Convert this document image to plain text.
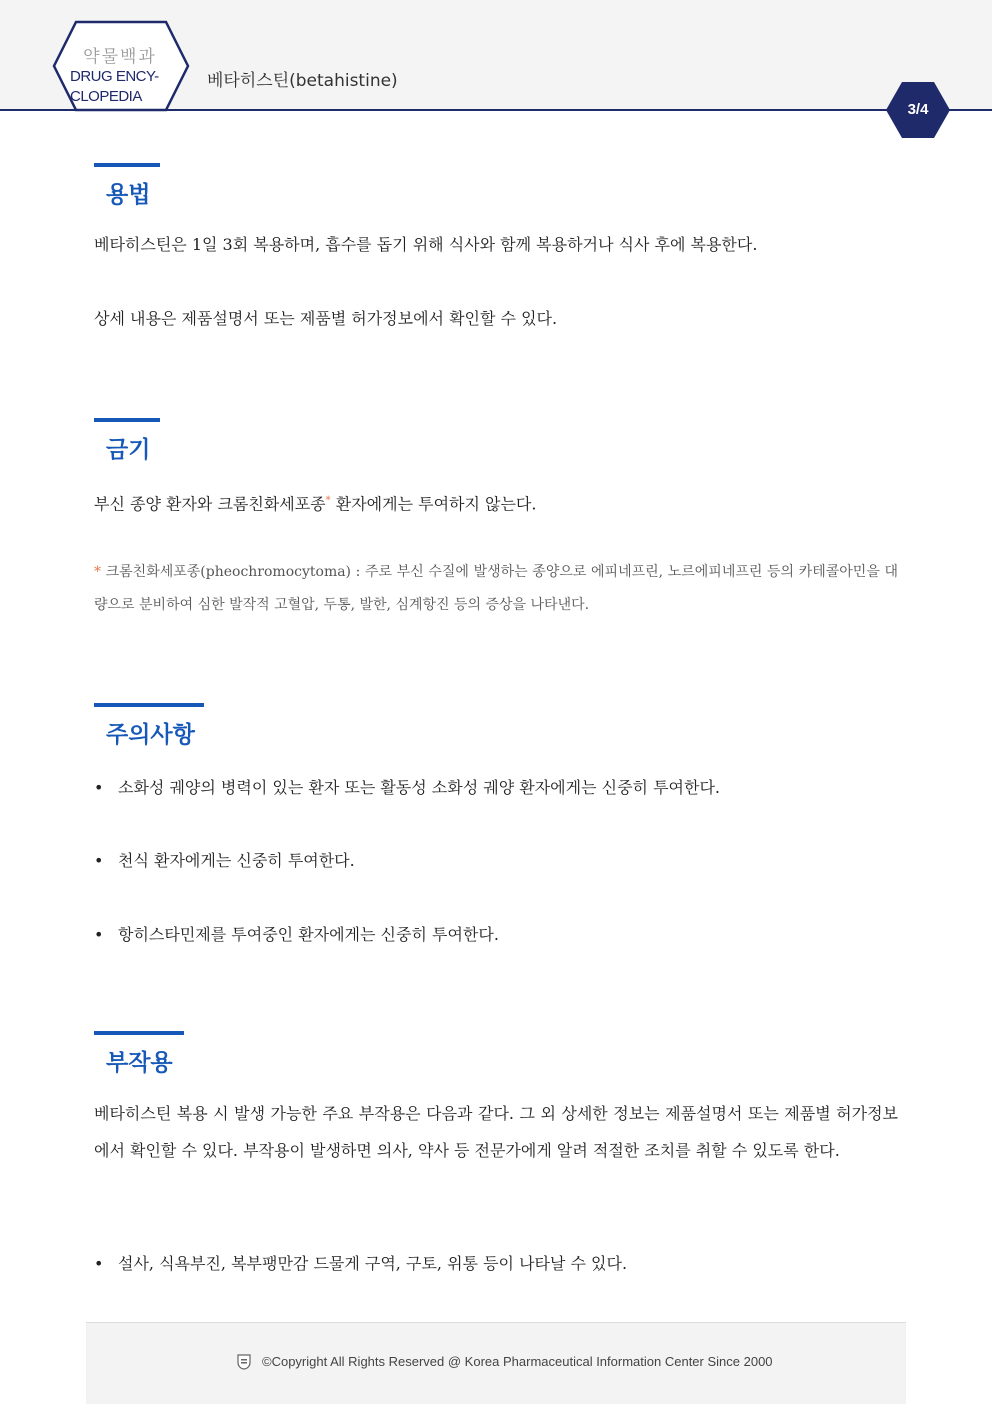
약물백과
DRUG ENCY-
CLOPEDIA
베타히스틴(betahistine)
3/4
용법
베타히스틴은 1일 3회 복용하며, 흡수를 돕기 위해 식사와 함께 복용하거나 식사 후에 복용한다.
상세 내용은 제품설명서 또는 제품별 허가정보에서 확인할 수 있다.
금기
부신 종양 환자와 크롬친화세포종* 환자에게는 투여하지 않는다.
* 크롬친화세포종(pheochromocytoma) : 주로 부신 수질에 발생하는 종양으로 에피네프린, 노르에피네프린 등의 카테콜아민을 대량으로 분비하여 심한 발작적 고혈압, 두통, 발한, 심계항진 등의 증상을 나타낸다.
주의사항
• 소화성 궤양의 병력이 있는 환자 또는 활동성 소화성 궤양 환자에게는 신중히 투여한다.
• 천식 환자에게는 신중히 투여한다.
• 항히스타민제를 투여중인 환자에게는 신중히 투여한다.
부작용
베타히스틴 복용 시 발생 가능한 주요 부작용은 다음과 같다. 그 외 상세한 정보는 제품설명서 또는 제품별 허가정보에서 확인할 수 있다. 부작용이 발생하면 의사, 약사 등 전문가에게 알려 적절한 조치를 취할 수 있도록 한다.
• 설사, 식욕부진, 복부팽만감 드물게 구역, 구토, 위통 등이 나타날 수 있다.
©Copyright All Rights Reserved @ Korea Pharmaceutical Information Center Since 2000
